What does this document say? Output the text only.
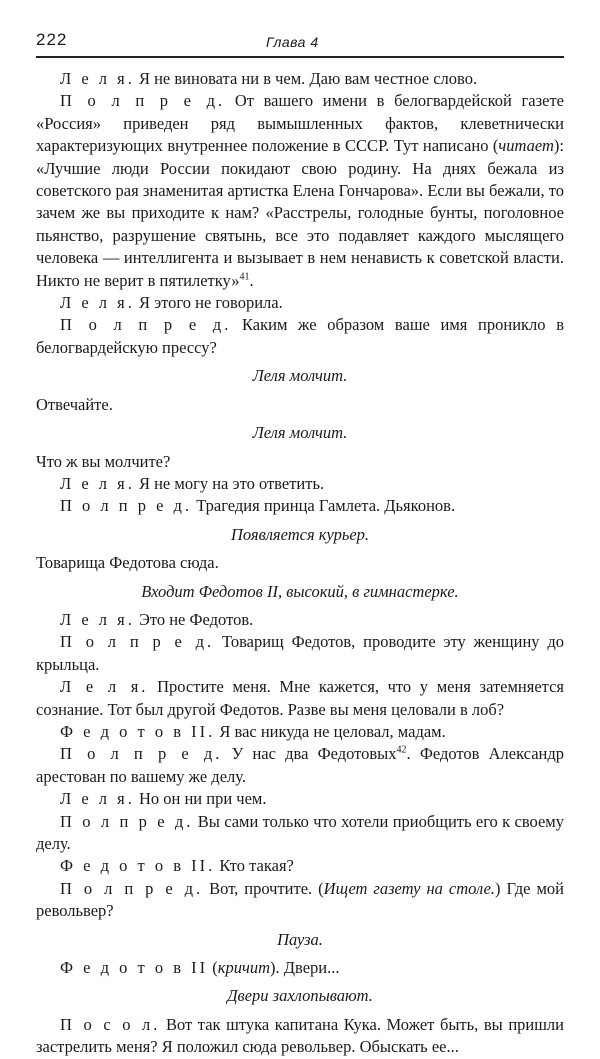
222	Глава 4

Л е л я. Я не виновата ни в чем. Даю вам честное слово.

П о л п р е д. От вашего имени в белогвардейской газете «Россия» приведен ряд вымышленных фактов, клеветнически характеризующих внутреннее положение в СССР. Тут написано (читает): «Лучшие люди России покидают свою родину. На днях бежала из советского рая знаменитая артистка Елена Гончарова». Если вы бежали, то зачем же вы приходите к нам? «Расстрелы, голодные бунты, поголовное пьянство, разрушение святынь, все это подавляет каждого мыслящего человека — интеллигента и вызывает в нем ненависть к советской власти. Никто не верит в пятилетку»$^{41}$.

Л е л я. Я этого не говорила.

П о л п р е д. Каким же образом ваше имя проникло в белогвардейскую прессу?

Леля молчит.

Отвечайте.

Леля молчит.

Что ж вы молчите?

Л е л я. Я не могу на это ответить.

П о л п р е д. Трагедия принца Гамлета. Дьяконов.

Появляется курьер.

Товарища Федотова сюда.

Входит Федотов II, высокий, в гимнастерке.

Л е л я. Это не Федотов.

П о л п р е д. Товарищ Федотов, проводите эту женщину до крыльца.

Л е л я. Простите меня. Мне кажется, что у меня затемняется сознание. Тот был другой Федотов. Разве вы меня целовали в лоб?

Ф е д о т о в II. Я вас никуда не целовал, мадам.

П о л п р е д. У нас два Федотовых$^{42}$. Федотов Александр арестован по вашему же делу.

Л е л я. Но он ни при чем.

П о л п р е д. Вы сами только что хотели приобщить его к своему делу.

Ф е д о т о в II. Кто такая?

П о л п р е д. Вот, прочтите. (Ищет газету на столе.) Где мой револьвер?

Пауза.

Ф е д о т о в II (кричит). Двери...

Двери захлопывают.

П о с о л. Вот так штука капитана Кука. Может быть, вы пришли застрелить меня? Я положил сюда револьвер. Обыскать ее...
